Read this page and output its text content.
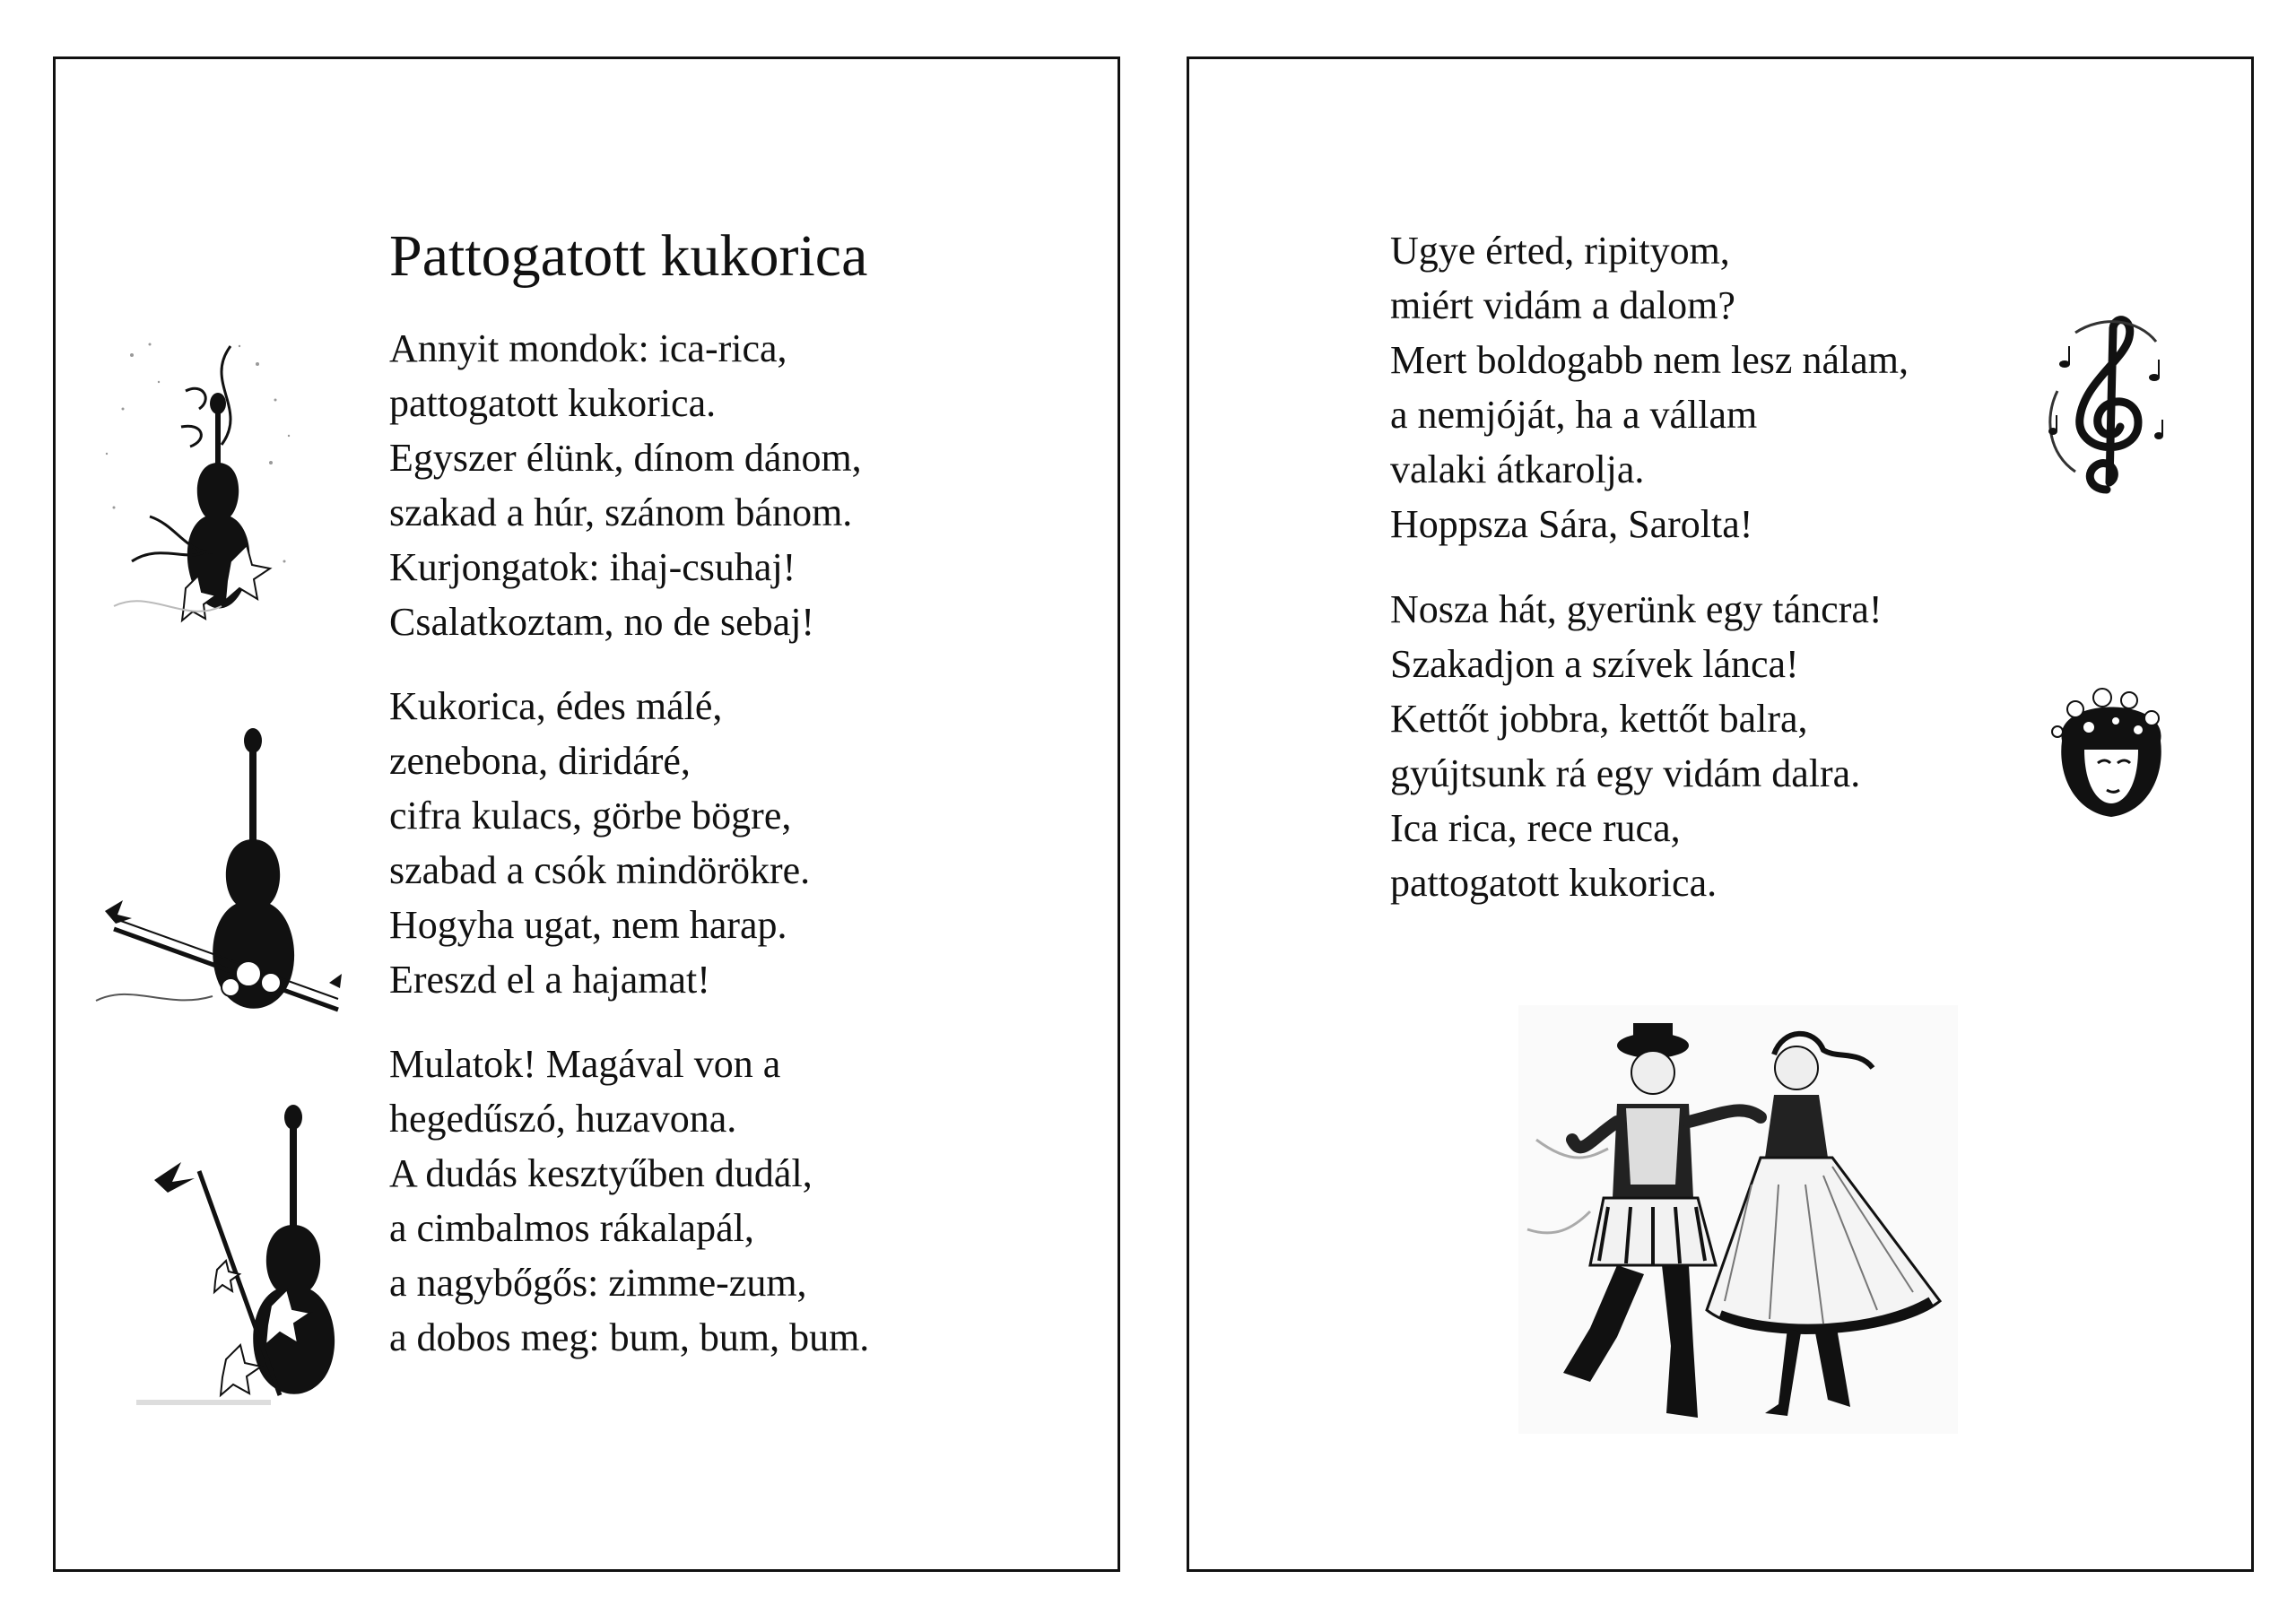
Pattogatott kukorica
Annyit mondok: ica-rica,
pattogatott kukorica.
Egyszer élünk, dínom dánom,
szakad a húr, szánom bánom.
Kurjongatok: ihaj-csuhaj!
Csalatkoztam, no de sebaj!
Kukorica, édes málé,
zenebona, diridáré,
cifra kulacs, görbe bögre,
szabad a csók mindörökre.
Hogyha ugat, nem harap.
Ereszd el a hajamat!
Mulatok! Magával von a
hegedűszó, huzavona.
A dudás kesztyűben dudál,
a cimbalmos rákalapál,
a nagybőgős: zimme-zum,
a dobos meg: bum, bum, bum.
Ugye érted, ripityom,
miért vidám a dalom?
Mert boldogabb nem lesz nálam,
a nemjóját, ha a vállam
valaki átkarolja.
Hoppsza Sára, Sarolta!
Nosza hát, gyerünk egy táncra!
Szakadjon a szívek lánca!
Kettőt jobbra, kettőt balra,
gyújtsunk rá egy vidám dalra.
Ica rica, rece ruca,
pattogatott kukorica.
